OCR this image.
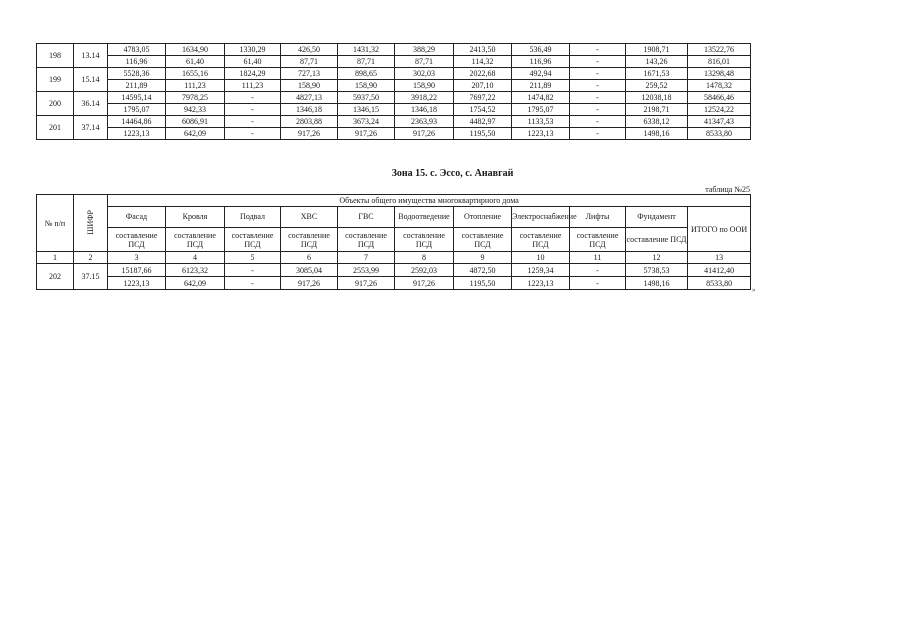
198	13.14	4783,05	1634,90	1330,29	426,50	1431,32	388,29	2413,50	536,49	-	1908,71	13522,76
		116,96	61,40	61,40	87,71	87,71	87,71	114,32	116,96	-	143,26	816,01
199	15.14	5528,36	1655,16	1824,29	727,13	898,65	302,03	2022,68	492,94	-	1671,53	13298,48
		211,89	111,23	111,23	158,90	158,90	158,90	207,10	211,89	-	259,52	1478,32
200	36.14	14595,14	7978,25	-	4827,13	5937,50	3918,22	7697,22	1474,82	-	12038,18	58466,46
		1795,07	942,33	-	1346,18	1346,15	1346,18	1754,52	1795,07	-	2198,71	12524,22
201	37.14	14464,86	6086,91	-	2803,88	3673,24	2363,93	4482,97	1133,53	-	6338,12	41347,43
		1223,13	642,09	-	917,26	917,26	917,26	1195,50	1223,13	-	1498,16	8533,80
Зона 15. с. Эссо, с. Анавгай
таблица №25
№ п/п	ШИФР	Объекты общего имущества многоквартирного дома										
		Фасад	Кровля	Подвал	ХВС	ГВС	Водоотведение	Отопление	Электроснабжение	Лифты	Фундамент	ИТОГО по ООИ
		составление ПСД	составление ПСД	составление ПСД	составление ПСД	составление ПСД	составление ПСД	составление ПСД	составление ПСД	составление ПСД	составление ПСД	
1	2	3	4	5	6	7	8	9	10	11	12	13
202	37.15	15187,66	6123,32	-	3085,04	2553,99	2592,03	4872,50	1259,34	-	5738,53	41412,40
		1223,13	642,09	-	917,26	917,26	917,26	1195,50	1223,13	-	1498,16	8533,80
»
